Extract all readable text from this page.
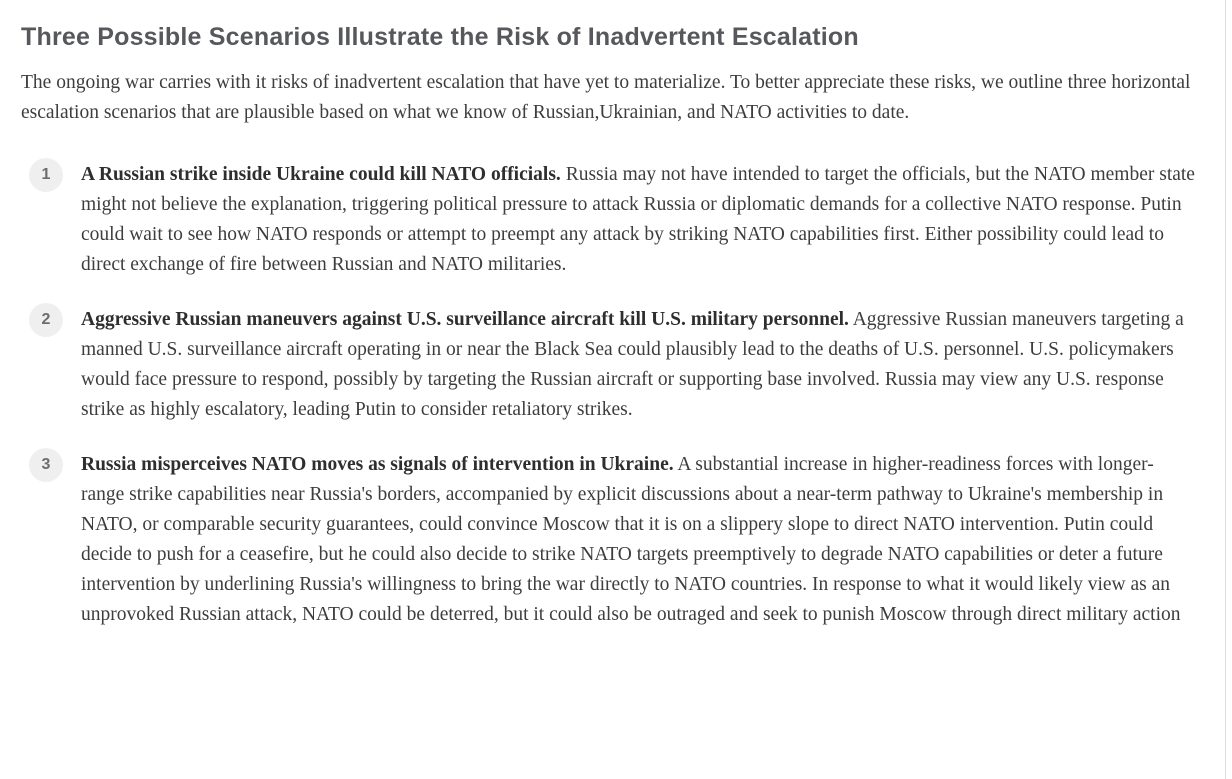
Three Possible Scenarios Illustrate the Risk of Inadvertent Escalation

The ongoing war carries with it risks of inadvertent escalation that have yet to materialize. To better appreciate these risks, we outline three horizontal escalation scenarios that are plausible based on what we know of Russian,Ukrainian, and NATO activities to date.

1	A Russian strike inside Ukraine could kill NATO officials. Russia may not have intended to target the officials, but the NATO member state might not believe the explanation, triggering political pressure to attack Russia or diplomatic demands for a collective NATO response. Putin could wait to see how NATO responds or attempt to preempt any attack by striking NATO capabilities first. Either possibility could lead to direct exchange of fire between Russian and NATO militaries.
2	Aggressive Russian maneuvers against U.S. surveillance aircraft kill U.S. military personnel. Aggressive Russian maneuvers targeting a manned U.S. surveillance aircraft operating in or near the Black Sea could plausibly lead to the deaths of U.S. personnel. U.S. policymakers would face pressure to respond, possibly by targeting the Russian aircraft or supporting base involved. Russia may view any U.S. response strike as highly escalatory, leading Putin to consider retaliatory strikes.
3	Russia misperceives NATO moves as signals of intervention in Ukraine. A substantial increase in higher-readiness forces with longer-range strike capabilities near Russia's borders, accompanied by explicit discussions about a near-term pathway to Ukraine's membership in NATO, or comparable security guarantees, could convince Moscow that it is on a slippery slope to direct NATO intervention. Putin could decide to push for a ceasefire, but he could also decide to strike NATO targets preemptively to degrade NATO capabilities or deter a future intervention by underlining Russia's willingness to bring the war directly to NATO countries. In response to what it would likely view as an unprovoked Russian attack, NATO could be deterred, but it could also be outraged and seek to punish Moscow through direct military action
